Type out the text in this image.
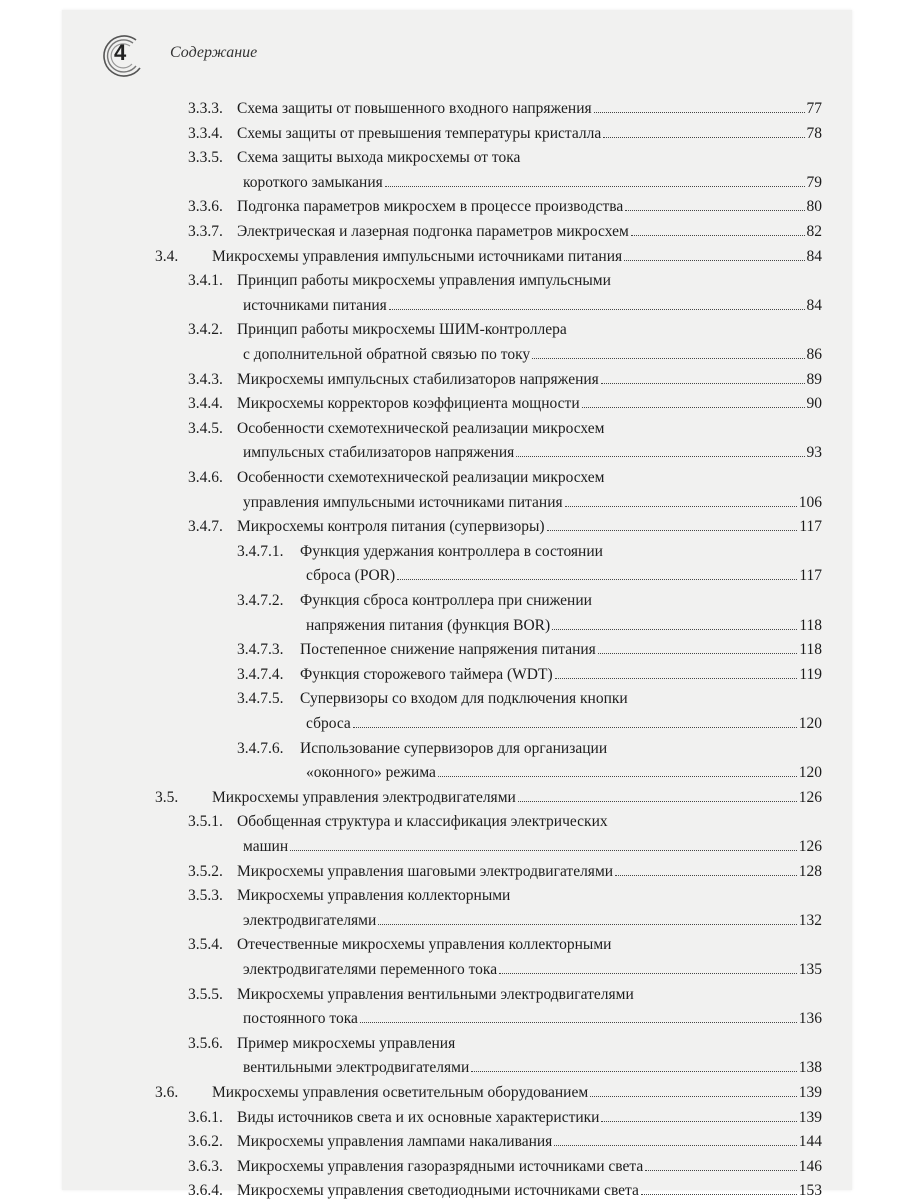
4	Содержание
3.3.3. Схема защиты от повышенного входного напряжения	77
3.3.4. Схемы защиты от превышения температуры кристалла	78
3.3.5. Схема защиты выхода микросхемы от тока
короткого замыкания	79
3.3.6. Подгонка параметров микросхем в процессе производства	80
3.3.7. Электрическая и лазерная подгонка параметров микросхем	82
3.4. Микросхемы управления импульсными источниками питания	84
3.4.1. Принцип работы микросхемы управления импульсными
источниками питания	84
3.4.2. Принцип работы микросхемы ШИМ-контроллера
с дополнительной обратной связью по току	86
3.4.3. Микросхемы импульсных стабилизаторов напряжения	89
3.4.4. Микросхемы корректоров коэффициента мощности	90
3.4.5. Особенности схемотехнической реализации микросхем
импульсных стабилизаторов напряжения	93
3.4.6. Особенности схемотехнической реализации микросхем
управления импульсными источниками питания	106
3.4.7. Микросхемы контроля питания (супервизоры)	117
3.4.7.1. Функция удержания контроллера в состоянии
сброса (POR)	117
3.4.7.2. Функция сброса контроллера при снижении
напряжения питания (функция BOR)	118
3.4.7.3. Постепенное снижение напряжения питания	118
3.4.7.4. Функция сторожевого таймера (WDT)	119
3.4.7.5. Супервизоры со входом для подключения кнопки
сброса	120
3.4.7.6. Использование супервизоров для организации
«оконного» режима	120
3.5. Микросхемы управления электродвигателями	126
3.5.1. Обобщенная структура и классификация электрических
машин	126
3.5.2. Микросхемы управления шаговыми электродвигателями	128
3.5.3. Микросхемы управления коллекторными
электродвигателями	132
3.5.4. Отечественные микросхемы управления коллекторными
электродвигателями переменного тока	135
3.5.5. Микросхемы управления вентильными электродвигателями
постоянного тока	136
3.5.6. Пример микросхемы управления
вентильными электродвигателями	138
3.6. Микросхемы управления осветительным оборудованием	139
3.6.1. Виды источников света и их основные характеристики	139
3.6.2. Микросхемы управления лампами накаливания	144
3.6.3. Микросхемы управления газоразрядными источниками света	146
3.6.4. Микросхемы управления светодиодными источниками света	153
